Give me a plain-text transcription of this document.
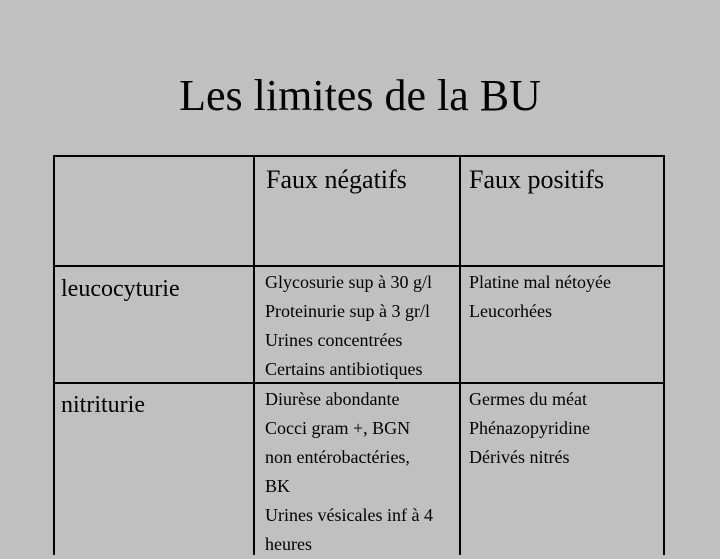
Les limites de la BU
Faux négatifs Faux positifs
leucocyturie	Glycosurie sup à 30 g/l
Proteinurie sup à 3 gr/l
Urines concentrées
Certains antibiotiques
Platine mal nétoyée
Leucorhées
nitriturie	Diurèse abondante
Cocci gram +, BGN
non entérobactéries,
BK
Urines vésicales inf à 4
heures
Germes du méat
Phénazopyridine
Dérivés nitrés
